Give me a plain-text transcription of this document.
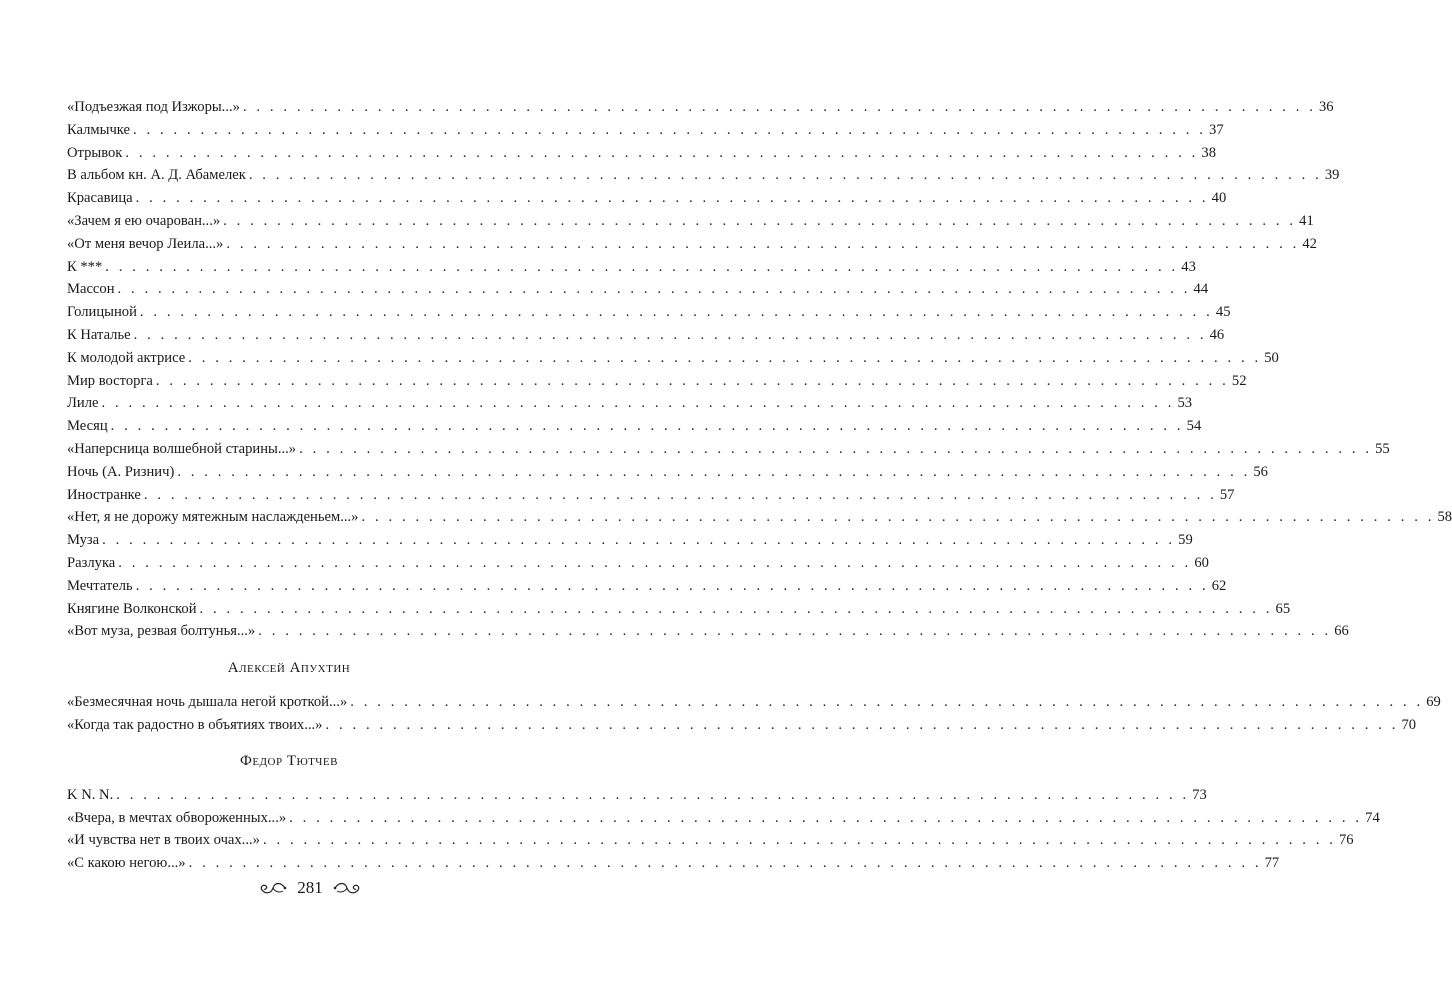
«Подъезжая под Изжоры...» . . . . . . . . . . . . . . . . . . . . . . . . . . . . . . . . . . . . . . . . . . . . . . . . . . . . . . . . . . . . . . . . . . . . . . . . . . . . . . . . 36
Калмычке . . . . . . . . . . . . . . . . . . . . . . . . . . . . . . . . . . . . . . . . . . . . . . . . . . . . . . . . . . . . . . . . . . . . . . . . . . . . . . . . 37
Отрывок . . . . . . . . . . . . . . . . . . . . . . . . . . . . . . . . . . . . . . . . . . . . . . . . . . . . . . . . . . . . . . . . . . . . . . . . . . . . . . . . 38
В альбом кн. А. Д. Абамелек . . . . . . . . . . . . . . . . . . . . . . . . . . . . . . . . . . . . . . . . . . . . . . . . . . . . . . . . . . . . . . . . . . . . . . . . . . . . . . . . 39
Красавица . . . . . . . . . . . . . . . . . . . . . . . . . . . . . . . . . . . . . . . . . . . . . . . . . . . . . . . . . . . . . . . . . . . . . . . . . . . . . . . . 40
«Зачем я ею очарован...» . . . . . . . . . . . . . . . . . . . . . . . . . . . . . . . . . . . . . . . . . . . . . . . . . . . . . . . . . . . . . . . . . . . . . . . . . . . . . . . . 41
«От меня вечор Леила...» . . . . . . . . . . . . . . . . . . . . . . . . . . . . . . . . . . . . . . . . . . . . . . . . . . . . . . . . . . . . . . . . . . . . . . . . . . . . . . . . 42
К *** . . . . . . . . . . . . . . . . . . . . . . . . . . . . . . . . . . . . . . . . . . . . . . . . . . . . . . . . . . . . . . . . . . . . . . . . . . . . . . . . 43
Массон . . . . . . . . . . . . . . . . . . . . . . . . . . . . . . . . . . . . . . . . . . . . . . . . . . . . . . . . . . . . . . . . . . . . . . . . . . . . . . . . 44
Голицыной . . . . . . . . . . . . . . . . . . . . . . . . . . . . . . . . . . . . . . . . . . . . . . . . . . . . . . . . . . . . . . . . . . . . . . . . . . . . . . . . 45
К Наталье . . . . . . . . . . . . . . . . . . . . . . . . . . . . . . . . . . . . . . . . . . . . . . . . . . . . . . . . . . . . . . . . . . . . . . . . . . . . . . . . 46
К молодой актрисе . . . . . . . . . . . . . . . . . . . . . . . . . . . . . . . . . . . . . . . . . . . . . . . . . . . . . . . . . . . . . . . . . . . . . . . . . . . . . . . . 50
Мир восторга . . . . . . . . . . . . . . . . . . . . . . . . . . . . . . . . . . . . . . . . . . . . . . . . . . . . . . . . . . . . . . . . . . . . . . . . . . . . . . . . 52
Лиле . . . . . . . . . . . . . . . . . . . . . . . . . . . . . . . . . . . . . . . . . . . . . . . . . . . . . . . . . . . . . . . . . . . . . . . . . . . . . . . . 53
Месяц . . . . . . . . . . . . . . . . . . . . . . . . . . . . . . . . . . . . . . . . . . . . . . . . . . . . . . . . . . . . . . . . . . . . . . . . . . . . . . . . 54
«Наперсница волшебной старины...» . . . . . . . . . . . . . . . . . . . . . . . . . . . . . . . . . . . . . . . . . . . . . . . . . . . . . . . . . . . . . . . . . . . . . . . . . . . . . . . . 55
Ночь (А. Ризнич) . . . . . . . . . . . . . . . . . . . . . . . . . . . . . . . . . . . . . . . . . . . . . . . . . . . . . . . . . . . . . . . . . . . . . . . . . . . . . . . . 56
Иностранке . . . . . . . . . . . . . . . . . . . . . . . . . . . . . . . . . . . . . . . . . . . . . . . . . . . . . . . . . . . . . . . . . . . . . . . . . . . . . . . . 57
«Нет, я не дорожу мятежным наслажденьем...» . . . . . . . . . . . . . . . . . . . . . . . . . . . . . . . . . . . . . . . . . . . . . . . . . . . . . . . . . . . . . . . . . . . . . . . . . . . . . . . . 58
Муза . . . . . . . . . . . . . . . . . . . . . . . . . . . . . . . . . . . . . . . . . . . . . . . . . . . . . . . . . . . . . . . . . . . . . . . . . . . . . . . . 59
Разлука . . . . . . . . . . . . . . . . . . . . . . . . . . . . . . . . . . . . . . . . . . . . . . . . . . . . . . . . . . . . . . . . . . . . . . . . . . . . . . . . 60
Мечтатель . . . . . . . . . . . . . . . . . . . . . . . . . . . . . . . . . . . . . . . . . . . . . . . . . . . . . . . . . . . . . . . . . . . . . . . . . . . . . . . . 62
Княгине Волконской . . . . . . . . . . . . . . . . . . . . . . . . . . . . . . . . . . . . . . . . . . . . . . . . . . . . . . . . . . . . . . . . . . . . . . . . . . . . . . . . 65
«Вот муза, резвая болтунья...» . . . . . . . . . . . . . . . . . . . . . . . . . . . . . . . . . . . . . . . . . . . . . . . . . . . . . . . . . . . . . . . . . . . . . . . . . . . . . . . . 66
Алексей Апухтин
«Безмесячная ночь дышала негой кроткой...» . . . . . . . . . . . . . . . . . . . . . . . . . . . . . . . . . . . . . . . . . . . . . . . . . . . . . . . . . . . . . . . . . . . . . . . . . . . . . . . . 69
«Когда так радостно в объятиях твоих...» . . . . . . . . . . . . . . . . . . . . . . . . . . . . . . . . . . . . . . . . . . . . . . . . . . . . . . . . . . . . . . . . . . . . . . . . . . . . . . . . 70
Федор Тютчев
K N. N. . . . . . . . . . . . . . . . . . . . . . . . . . . . . . . . . . . . . . . . . . . . . . . . . . . . . . . . . . . . . . . . . . . . . . . . . . . . . . . . . 73
«Вчера, в мечтах обвороженных...» . . . . . . . . . . . . . . . . . . . . . . . . . . . . . . . . . . . . . . . . . . . . . . . . . . . . . . . . . . . . . . . . . . . . . . . . . . . . . . . . 74
«И чувства нет в твоих очах...» . . . . . . . . . . . . . . . . . . . . . . . . . . . . . . . . . . . . . . . . . . . . . . . . . . . . . . . . . . . . . . . . . . . . . . . . . . . . . . . . 76
«С какою негою...» . . . . . . . . . . . . . . . . . . . . . . . . . . . . . . . . . . . . . . . . . . . . . . . . . . . . . . . . . . . . . . . . . . . . . . . . . . . . . . . . 77
281
